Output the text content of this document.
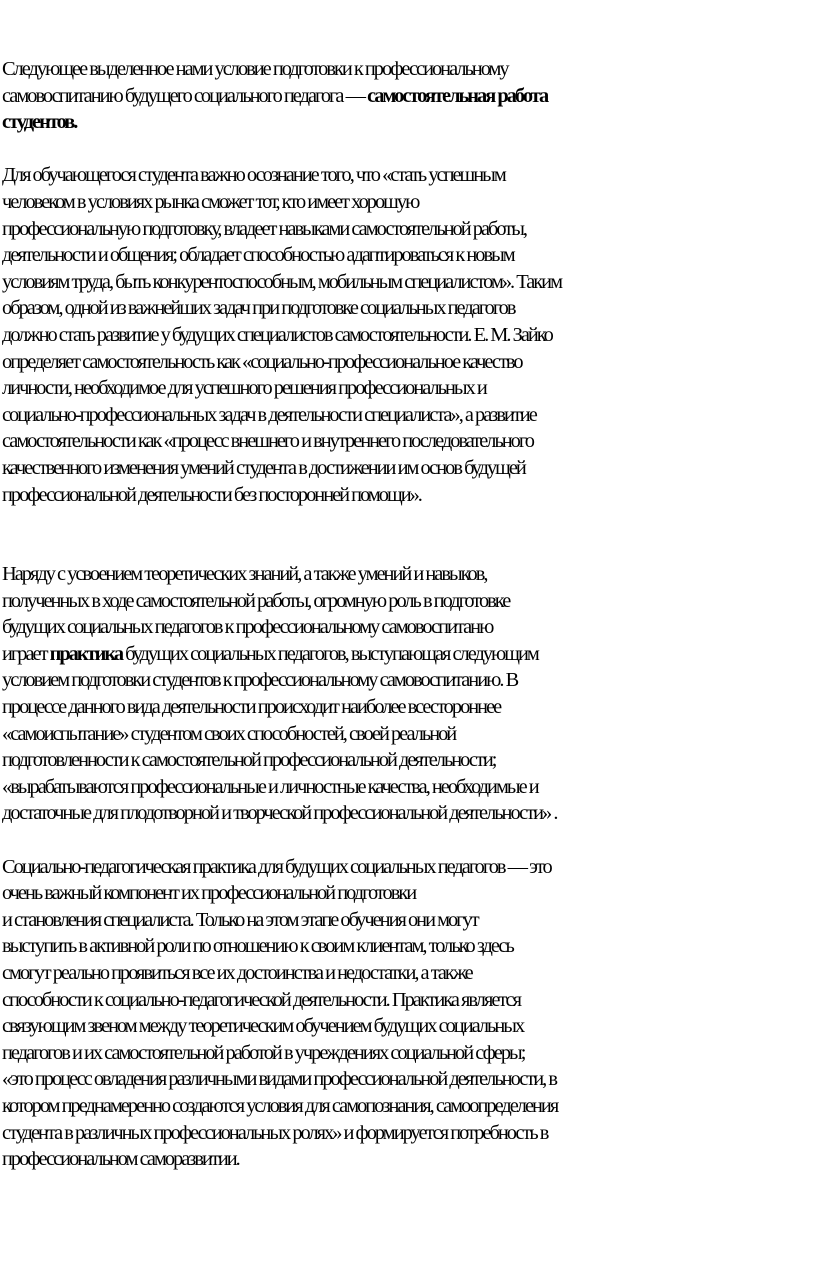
Следующее выделенное нами условие подготовки к профессиональному
самовоспитанию будущего социального педагога — самостоятельная работа
студентов.

Для обучающегося студента важно осознание того, что «стать успешным
человеком в условиях рынка сможет тот, кто имеет хорошую
профессиональную подготовку, владеет навыками самостоятельной работы,
деятельности и общения; обладает способностью адаптироваться к новым
условиям труда, быть конкурентоспособным, мобильным специалистом». Таким
образом, одной из важнейших задач при подготовке социальных педагогов
должно стать развитие у будущих специалистов самостоятельности. Е. М. Зайко
определяет самостоятельность как «социально-профессиональное качество
личности, необходимое для успешного решения профессиональных и
социально-профессиональных задач в деятельности специалиста», а развитие
самостоятельности как «процесс внешнего и внутреннего последовательного
качественного изменения умений студента в достижении им основ будущей
профессиональной деятельности без посторонней помощи».

Наряду с усвоением теоретических знаний, а также умений и навыков,
полученных в ходе самостоятельной работы, огромную роль в подготовке
будущих социальных педагогов к профессиональному самовоспитаню
играет практика будущих социальных педагогов, выступающая следующим
условием подготовки студентов к профессиональному самовоспитанию. В
процессе данного вида деятельности происходит наиболее всестороннее
«самоиспытание» студентом своих способностей, своей реальной
подготовленности к самостоятельной профессиональной деятельности;
«вырабатываются профессиональные и личностные качества, необходимые и
достаточные для плодотворной и творческой профессиональной деятельности» .

Социально-педагогическая практика для будущих социальных педагогов — это
очень важный компонент их профессиональной подготовки
и становления специалиста. Только на этом этапе обучения они могут
выступить в активной роли по отношению к своим клиентам, только здесь
смогут реально проявиться все их достоинства и недостатки, а также
способности к социально-педагогической деятельности. Практика является
связующим звеном между теоретическим обучением будущих социальных
педагогов и их самостоятельной работой в учреждениях социальной сферы;
«это процесс овладения различными видами профессиональной деятельности, в
котором преднамеренно создаются условия для самопознания, самоопределения
студента в различных профессиональных ролях» и формируется потребность в
профессиональном саморазвитии.
